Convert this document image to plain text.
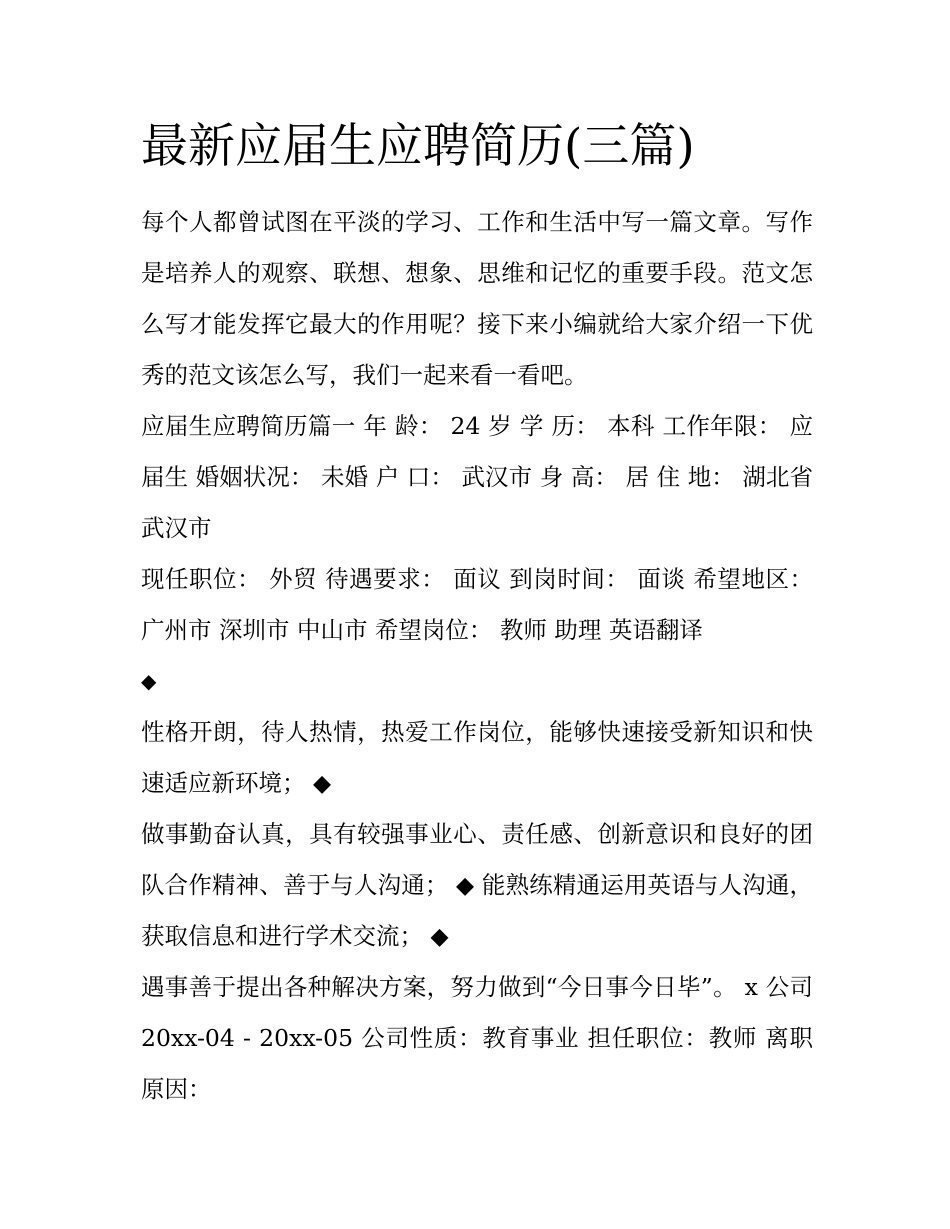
最新应届生应聘简历(三篇)

每个人都曾试图在平淡的学习、工作和生活中写一篇文章。写作是培养人的观察、联想、想象、思维和记忆的重要手段。范文怎么写才能发挥它最大的作用呢？接下来小编就给大家介绍一下优秀的范文该怎么写，我们一起来看一看吧。

应届生应聘简历篇一 年 龄： 24 岁 学 历： 本科 工作年限： 应届生 婚姻状况： 未婚 户 口： 武汉市 身 高： 居 住 地： 湖北省武汉市

现任职位： 外贸 待遇要求： 面议 到岗时间： 面谈 希望地区： 广州市 深圳市 中山市 希望岗位： 教师 助理 英语翻译

◆

性格开朗，待人热情，热爱工作岗位，能够快速接受新知识和快速适应新环境； ◆

做事勤奋认真，具有较强事业心、责任感、创新意识和良好的团队合作精神、善于与人沟通； ◆ 能熟练精通运用英语与人沟通，获取信息和进行学术交流； ◆

遇事善于提出各种解决方案，努力做到“今日事今日毕”。 x 公司 20xx-04 - 20xx-05 公司性质：教育事业 担任职位：教师 离职原因：
